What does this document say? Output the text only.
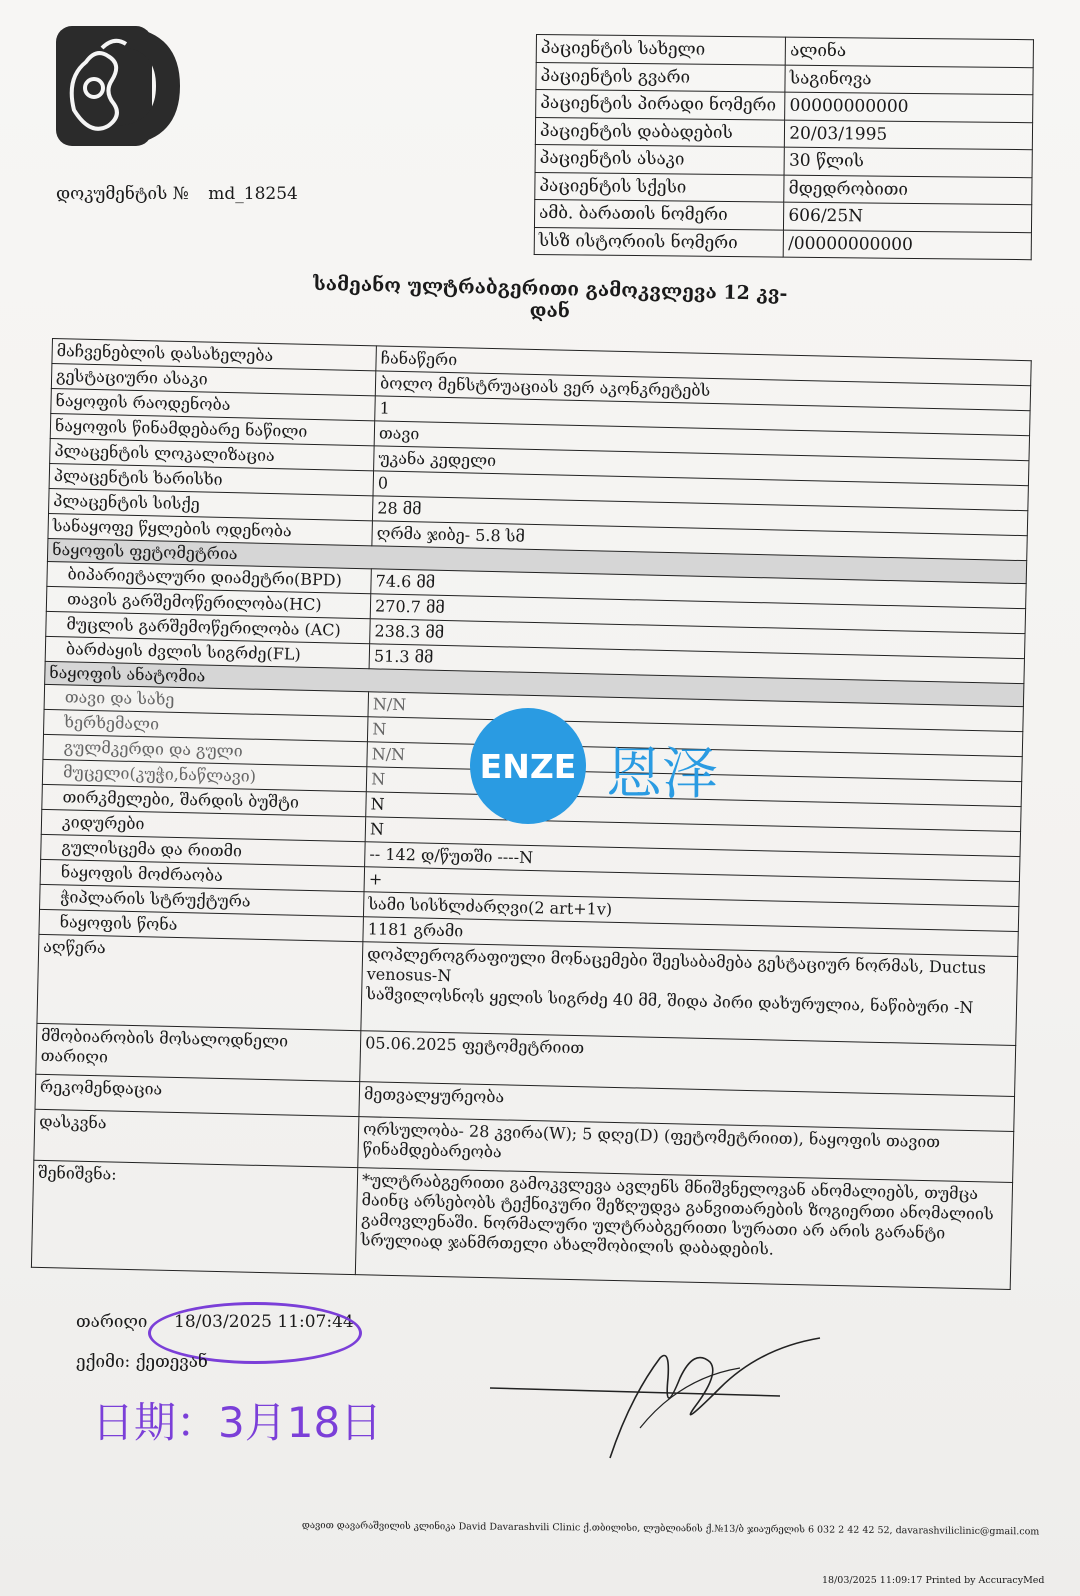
დოკუმენტის № md_18254
პაციენტის სახელი	ალინა
პაციენტის გვარი	საგინოვა
პაციენტის პირადი ნომერი	00000000000
პაციენტის დაბადების	20/03/1995
პაციენტის ასაკი	30 წლის
პაციენტის სქესი	მდედრობითი
ამბ. ბარათის ნომერი	606/25N
სსზ ისტორიის ნომერი	/00000000000
სამეანო ულტრაბგერითი გამოკვლევა 12 კვ-დან
მაჩვენებლის დასახელება	ჩანაწერი
გესტაციური ასაკი	ბოლო მენსტრუაციას ვერ აკონკრეტებს
ნაყოფის რაოდენობა	1
ნაყოფის წინამდებარე ნაწილი	თავი
პლაცენტის ლოკალიზაცია	უკანა კედელი
პლაცენტის ხარისხი	0
პლაცენტის სისქე	28 მმ
სანაყოფე წყლების ოდენობა	ღრმა ჯიბე- 5.8 სმ
ნაყოფის ფეტომეტრია	
ბიპარიეტალური დიამეტრი(BPD)	74.6 მმ
თავის გარშემოწერილობა(HC)	270.7 მმ
მუცლის გარშემოწერილობა (AC)	238.3 მმ
ბარძაყის ძვლის სიგრძე(FL)	51.3 მმ
ნაყოფის ანატომია	
თავი და სახე	N/N
ხერხემალი	N
გულმკერდი და გული	N/N
მუცელი(კუჭი,ნაწლავი)	N
თირკმელები, შარდის ბუშტი	N
კიდურები	N
გულისცემა და რითმი	-- 142 დ/წუთში ----N
ნაყოფის მოძრაობა	+
ჭიპლარის სტრუქტურა	სამი სისხლძარღვი(2 art+1v)
ნაყოფის წონა	1181 გრამი
აღწერა	დოპლეროგრაფიული მონაცემები შეესაბამება გესტაციურ ნორმას, Ductus venosus-N
საშვილოსნოს ყელის სიგრძე 40 მმ, შიდა პირი დახურულია, ნაწიბური -N

მშობიარობის მოსალოდნელი თარიღი	05.06.2025 ფეტომეტრიით
რეკომენდაცია	მეთვალყურეობა
დასკვნა	ორსულობა- 28 კვირა(W); 5 დღე(D) (ფეტომეტრიით), ნაყოფის თავით წინამდებარეობა
შენიშვნა:	*ულტრაბგერითი გამოკვლევა ავლენს მნიშვნელოვან ანომალიებს, თუმცა მაინც არსებობს ტექნიკური შეზღუდვა განვითარების ზოგიერთი ანომალიის გამოვლენაში. ნორმალური ულტრაბგერითი სურათი არ არის გარანტი სრულიად ჯანმრთელი ახალშობილის დაბადების.
ENZE 恩泽
თარიღი 18/03/2025 11:07:44
ექიმი: ქეთევან
日期：3月18日
დავით დავარაშვილის კლინიკა David Davarashvili Clinic ქ.თბილისი, ლუბლიანის ქ.№13/ბ ჯიაურელის 6 032 2 42 42 52, davarashviliclinic@gmail.com
18/03/2025 11:09:17 Printed by AccuracyMed
